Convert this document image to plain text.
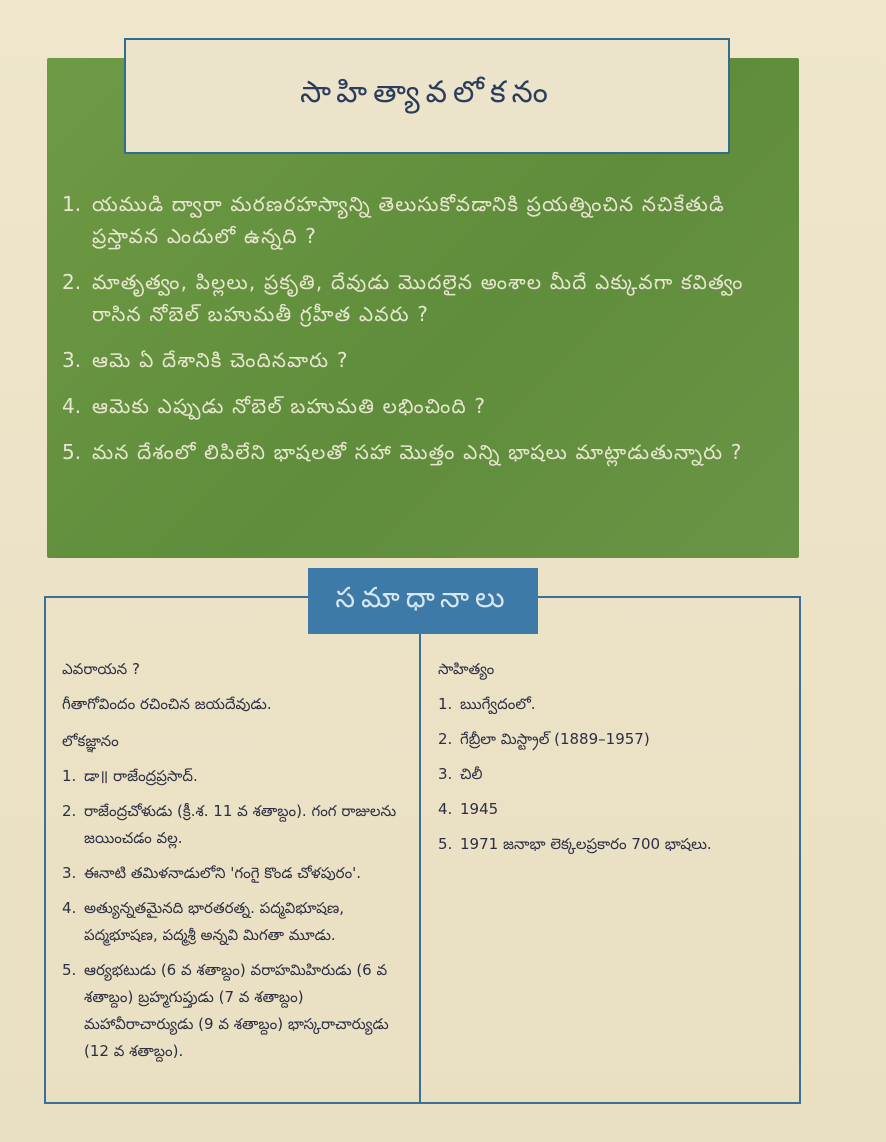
సాహిత్యావలోకనం
1. యముడి ద్వారా మరణరహస్యాన్ని తెలుసుకోవడానికి ప్రయత్నించిన నచికేతుడి ప్రస్తావన ఎందులో ఉన్నది ?
2. మాతృత్వం, పిల్లలు, ప్రకృతి, దేవుడు మొదలైన అంశాల మీదే ఎక్కువగా కవిత్వం రాసిన నోబెల్ బహుమతీ గ్రహీత ఎవరు ?
3. ఆమె ఏ దేశానికి చెందినవారు ?
4. ఆమెకు ఎప్పుడు నోబెల్ బహుమతి లభించింది ?
5. మన దేశంలో లిపిలేని భాషలతో సహా మొత్తం ఎన్ని భాషలు మాట్లాడుతున్నారు ?
సమాధానాలు

ఎవరాయన ?

గీతాగోవిందం రచించిన జయదేవుడు.

లోకజ్ఞానం

1. డా॥ రాజేంద్రప్రసాద్.
2. రాజేంద్రచోళుడు (క్రీ.శ. 11 వ శతాబ్దం). గంగ రాజులను జయించడం వల్ల.
3. ఈనాటి తమిళనాడులోని 'గంగై కొండ చోళపురం'.
4. అత్యున్నతమైనది భారతరత్న. పద్మవిభూషణ, పద్మభూషణ, పద్మశ్రీ అన్నవి మిగతా మూడు.
5. ఆర్యభటుడు (6 వ శతాబ్దం) వరాహమిహిరుడు (6 వ శతాబ్దం) బ్రహ్మగుప్తుడు (7 వ శతాబ్దం) మహావీరాచార్యుడు (9 వ శతాబ్దం) భాస్కరాచార్యుడు (12 వ శతాబ్దం).

సాహిత్యం

1. ఋగ్వేదంలో.
2. గేబ్రీలా మిస్ట్రాల్ (1889–1957)
3. చిలీ
4. 1945
5. 1971 జనాభా లెక్కలప్రకారం 700 భాషలు.
